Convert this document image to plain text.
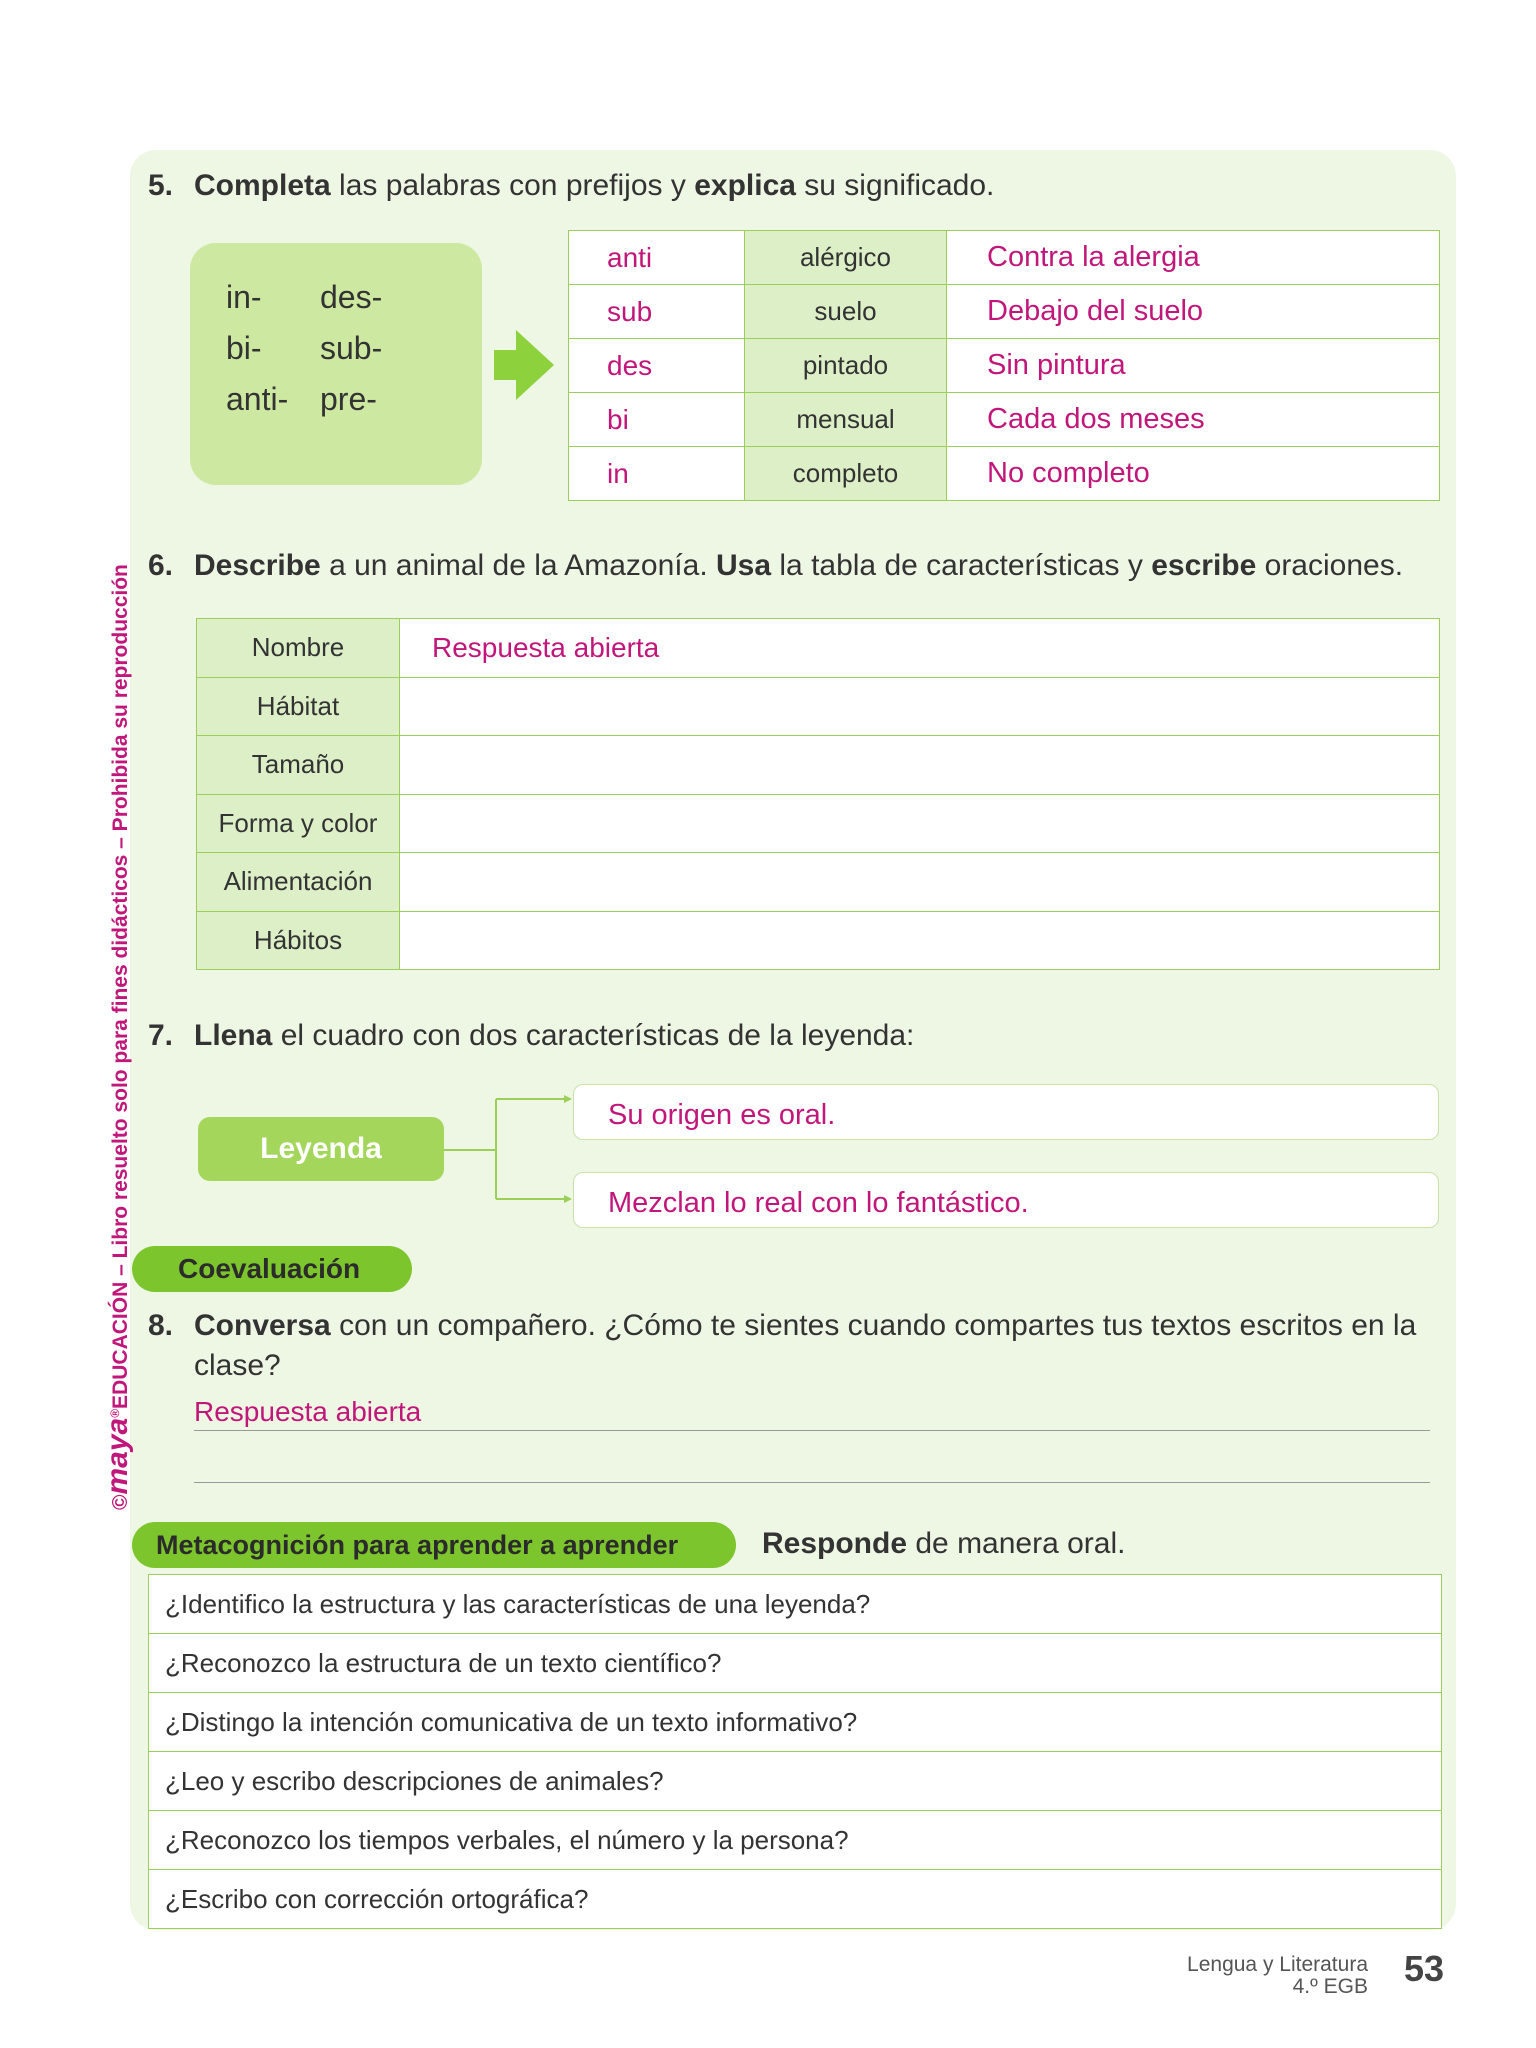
©maya®EDUCACIÓN – Libro resuelto solo para fines didácticos – Prohibida su reproducción
5. Completa las palabras con prefijos y explica su significado.
in-	des-
bi-	sub-
anti- pre-
anti	alérgico	Contra la alergia
sub	suelo	Debajo del suelo
des	pintado	Sin pintura
bi	mensual	Cada dos meses
in	completo	No completo
6. Describe a un animal de la Amazonía. Usa la tabla de características y escribe oraciones.
Nombre	Respuesta abierta
Hábitat	
Tamaño	
Forma y color	
Alimentación	
Hábitos	
7. Llena el cuadro con dos características de la leyenda:
Leyenda
Su origen es oral.
Mezclan lo real con lo fantástico.
Coevaluación
8. Conversa con un compañero. ¿Cómo te sientes cuando compartes tus textos escritos en la
clase?
Respuesta abierta
Metacognición para aprender a aprender	Responde de manera oral.
¿Identifico la estructura y las características de una leyenda?
¿Reconozco la estructura de un texto científico?
¿Distingo la intención comunicativa de un texto informativo?
¿Leo y escribo descripciones de animales?
¿Reconozco los tiempos verbales, el número y la persona?
¿Escribo con corrección ortográfica?
Lengua y Literatura
4.º EGB 53
